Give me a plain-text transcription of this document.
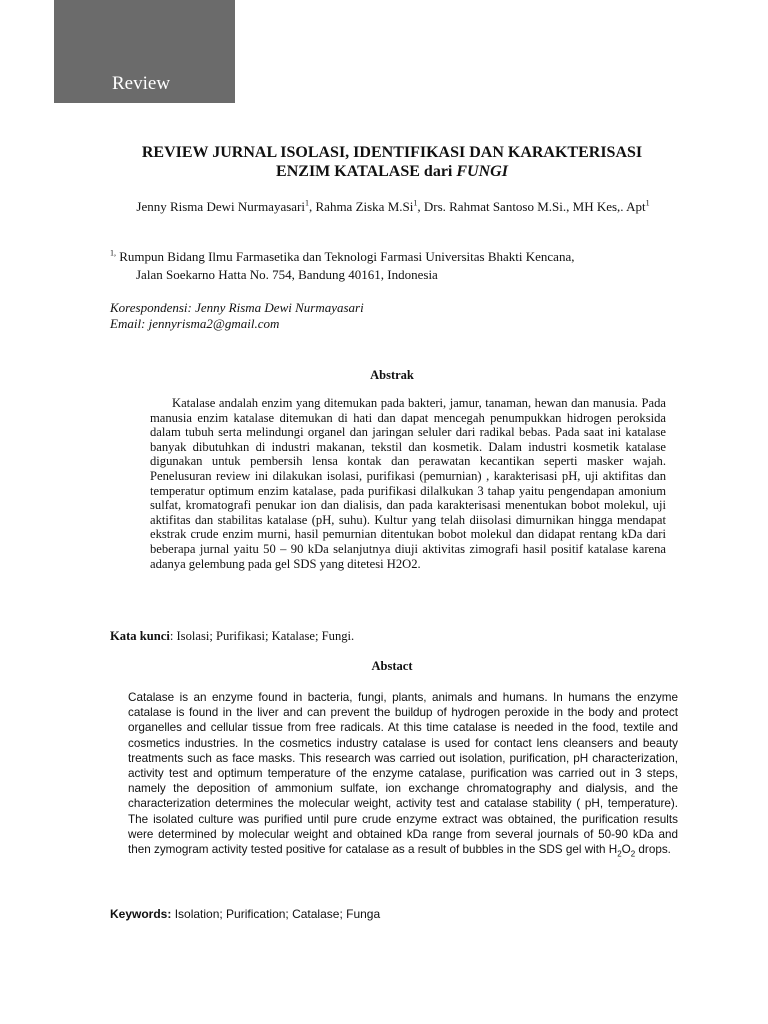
Review
REVIEW JURNAL ISOLASI, IDENTIFIKASI DAN KARAKTERISASI
ENZIM KATALASE dari FUNGI

Jenny Risma Dewi Nurmayasari$^1$, Rahma Ziska M.Si$^1$, Drs. Rahmat Santoso M.Si., MH Kes,. Apt$^1$

$^{1,}$ Rumpun Bidang Ilmu Farmasetika dan Teknologi Farmasi Universitas Bhakti Kencana,
Jalan Soekarno Hatta No. 754, Bandung 40161, Indonesia

Korespondensi: Jenny Risma Dewi Nurmayasari
Email: jennyrisma2@gmail.com

Abstrak

Katalase andalah enzim yang ditemukan pada bakteri, jamur, tanaman, hewan dan manusia. Pada manusia enzim katalase ditemukan di hati dan dapat mencegah penumpukkan hidrogen peroksida dalam tubuh serta melindungi organel dan jaringan seluler dari radikal bebas. Pada saat ini katalase banyak dibutuhkan di industri makanan, tekstil dan kosmetik. Dalam industri kosmetik katalase digunakan untuk pembersih lensa kontak dan perawatan kecantikan seperti masker wajah. Penelusuran review ini dilakukan isolasi, purifikasi (pemurnian) , karakterisasi pH, uji aktifitas dan temperatur optimum enzim katalase, pada purifikasi dilalkukan 3 tahap yaitu pengendapan amonium sulfat, kromatografi penukar ion dan dialisis, dan pada karakterisasi menentukan bobot molekul, uji aktifitas dan stabilitas katalase (pH, suhu). Kultur yang telah diisolasi dimurnikan hingga mendapat ekstrak crude enzim murni, hasil pemurnian ditentukan bobot molekul dan didapat rentang kDa dari beberapa jurnal yaitu 50 – 90 kDa selanjutnya diuji aktivitas zimografi hasil positif katalase karena adanya gelembung pada gel SDS yang ditetesi H2O2.

Kata kunci: Isolasi; Purifikasi; Katalase; Fungi.

Abstact

Catalase is an enzyme found in bacteria, fungi, plants, animals and humans. In humans the enzyme catalase is found in the liver and can prevent the buildup of hydrogen peroxide in the body and protect organelles and cellular tissue from free radicals. At this time catalase is needed in the food, textile and cosmetics industries. In the cosmetics industry catalase is used for contact lens cleansers and beauty treatments such as face masks. This research was carried out isolation, purification, pH characterization, activity test and optimum temperature of the enzyme catalase, purification was carried out in 3 steps, namely the deposition of ammonium sulfate, ion exchange chromatography and dialysis, and the characterization determines the molecular weight, activity test and catalase stability ( pH, temperature). The isolated culture was purified until pure crude enzyme extract was obtained, the purification results were determined by molecular weight and obtained kDa range from several journals of 50-90 kDa and then zymogram activity tested positive for catalase as a result of bubbles in the SDS gel with $H_2O_2$ drops.

Keywords: Isolation; Purification; Catalase; Funga
